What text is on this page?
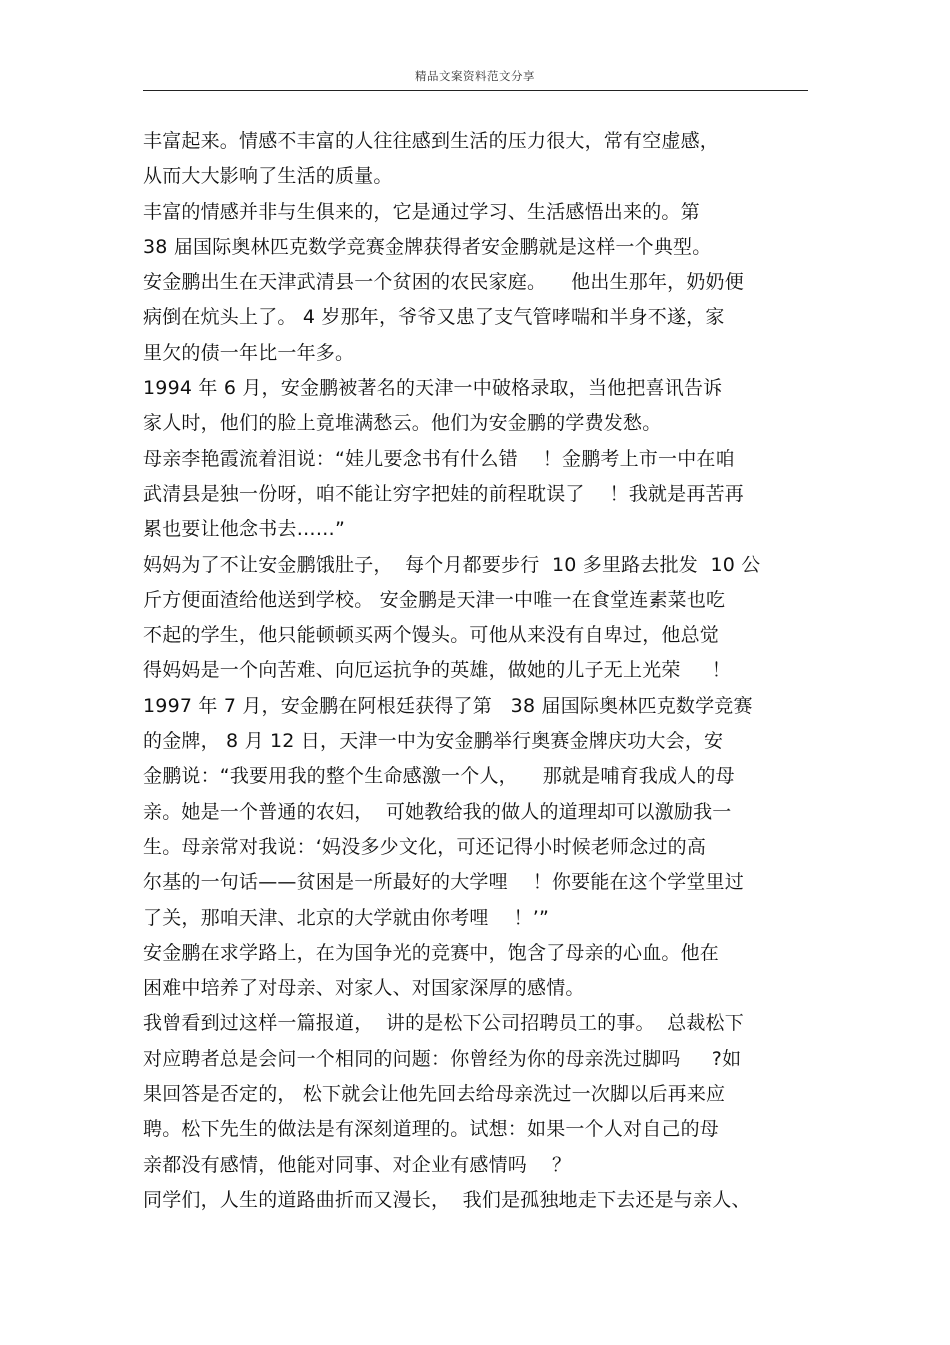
精品文案资料范文分享
丰富起来。情感不丰富的人往往感到生活的压力很大，常有空虚感，
从而大大影响了生活的质量。
丰富的情感并非与生俱来的，它是通过学习、生活感悟出来的。第
38 届国际奥林匹克数学竞赛金牌获得者安金鹏就是这样一个典型。
安金鹏出生在天津武清县一个贫困的农民家庭。    他出生那年，奶奶便
病倒在炕头上了。 4 岁那年，爷爷又患了支气管哮喘和半身不遂，家
里欠的债一年比一年多。
1994 年 6 月，安金鹏被著名的天津一中破格录取，当他把喜讯告诉
家人时，他们的脸上竟堆满愁云。他们为安金鹏的学费发愁。
母亲李艳霞流着泪说：“娃儿要念书有什么错    ！金鹏考上市一中在咱
武清县是独一份呀，咱不能让穷字把娃的前程耽误了    ！我就是再苦再
累也要让他念书去……”
妈妈为了不让安金鹏饿肚子，  每个月都要步行  10 多里路去批发  10 公
斤方便面渣给他送到学校。 安金鹏是天津一中唯一在食堂连素菜也吃
不起的学生，他只能顿顿买两个馒头。可他从来没有自卑过，他总觉
得妈妈是一个向苦难、向厄运抗争的英雄，做她的儿子无上光荣     ！
1997 年 7 月，安金鹏在阿根廷获得了第   38 届国际奥林匹克数学竞赛
的金牌， 8 月 12 日，天津一中为安金鹏举行奥赛金牌庆功大会，安
金鹏说：“我要用我的整个生命感激一个人，    那就是哺育我成人的母
亲。她是一个普通的农妇，  可她教给我的做人的道理却可以激励我一
生。母亲常对我说：‘妈没多少文化，可还记得小时候老师念过的高
尔基的一句话——贫困是一所最好的大学哩    ！你要能在这个学堂里过
了关，那咱天津、北京的大学就由你考哩    ！’”
安金鹏在求学路上，在为国争光的竞赛中，饱含了母亲的心血。他在
困难中培养了对母亲、对家人、对国家深厚的感情。
我曾看到过这样一篇报道，  讲的是松下公司招聘员工的事。  总裁松下
对应聘者总是会问一个相同的问题：你曾经为你的母亲洗过脚吗     ?如
果回答是否定的， 松下就会让他先回去给母亲洗过一次脚以后再来应
聘。松下先生的做法是有深刻道理的。试想：如果一个人对自己的母
亲都没有感情，他能对同事、对企业有感情吗    ？
同学们，人生的道路曲折而又漫长，  我们是孤独地走下去还是与亲人、
